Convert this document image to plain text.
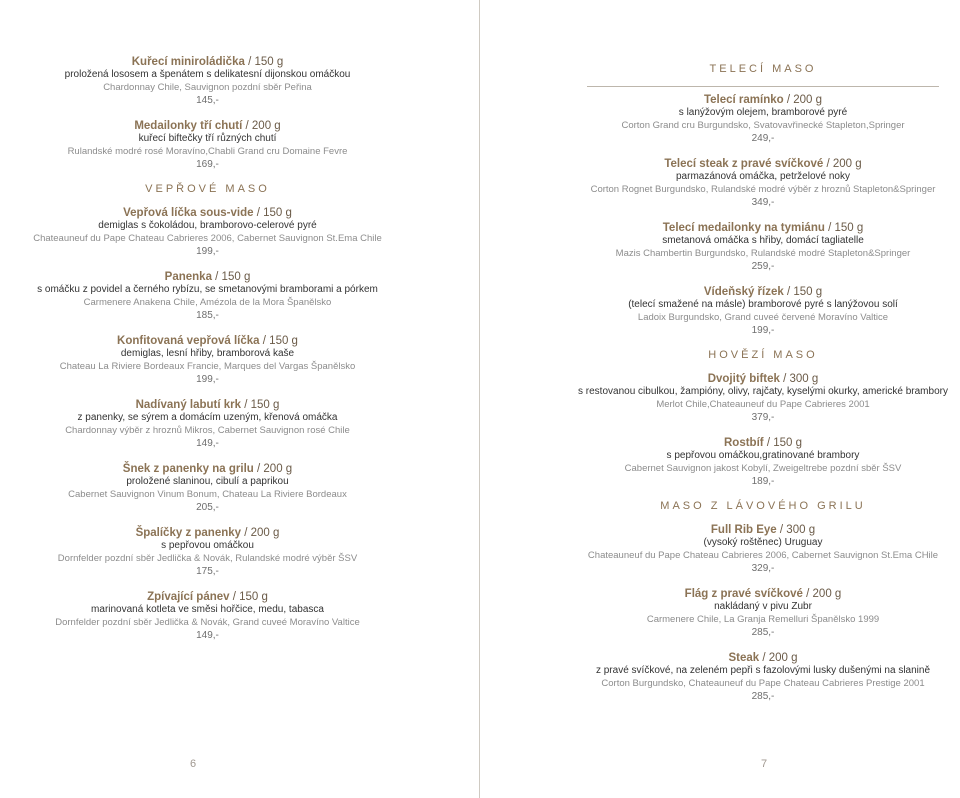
Kuřecí miniroládička / 150 g
proložená lososem a špenátem s delikatesní dijonskou omáčkou
Chardonnay Chile, Sauvignon pozdní sběr Peřina
145,-
Medailonky tří chutí / 200 g
kuřecí biftečky tří různých chutí
Rulandské modré rosé Moravíno,Chabli Grand cru Domaine Fevre
169,-
VEPŘOVÉ MASO
Vepřová líčka sous-vide / 150 g
demiglas s čokoládou, bramborovo-celerové pyré
Chateauneuf du Pape Chateau Cabrieres 2006, Cabernet Sauvignon St.Ema Chile
199,-
Panenka / 150 g
s omáčku z povidel a černého rybízu, se smetanovými bramborami a pórkem
Carmenere Anakena Chile, Amézola de la Mora Španělsko
185,-
Konfitovaná vepřová líčka / 150 g
demiglas, lesní hřiby, bramborová kaše
Chateau La Riviere Bordeaux Francie, Marques del Vargas Španělsko
199,-
Nadívaný labutí krk / 150 g
z panenky, se sýrem a domácím uzeným, křenová omáčka
Chardonnay výběr z hroznů Mikros, Cabernet Sauvignon rosé Chile
149,-
Šnek z panenky na grilu / 200 g
proložené slaninou, cibulí a paprikou
Cabernet Sauvignon Vinum Bonum, Chateau La Riviere Bordeaux
205,-
Špalíčky z panenky / 200 g
s pepřovou omáčkou
Dornfelder pozdní sběr Jedlička & Novák, Rulandské modré výběr ŠSV
175,-
Zpívající pánev / 150 g
marinovaná kotleta ve směsi hořčice, medu, tabasca
Dornfelder pozdní sběr Jedlička & Novák, Grand cuveé Moravíno Valtice
149,-
6
TELECÍ MASO
Telecí ramínko / 200 g
s lanýžovým olejem, bramborové pyré
Corton Grand cru Burgundsko, Svatovavřinecké Stapleton,Springer
249,-
Telecí steak z pravé svíčkové / 200 g
parmazánová omáčka, petrželové noky
Corton Rognet Burgundsko, Rulandské modré výběr z hroznů Stapleton&Springer
349,-
Telecí medailonky na tymiánu / 150 g
smetanová omáčka s hřiby, domácí tagliatelle
Mazis Chambertin Burgundsko, Rulandské modré Stapleton&Springer
259,-
Vídeňský řízek / 150 g
(telecí smažené na másle) bramborové pyré s lanýžovou solí
Ladoix Burgundsko, Grand cuveé červené Moravíno Valtice
199,-
HOVĚZÍ MASO
Dvojitý biftek / 300 g
s restovanou cibulkou, žampióny, olivy, rajčaty, kyselými okurky, americké brambory
Merlot Chile,Chateauneuf du Pape Cabrieres 2001
379,-
Rostbíf / 150 g
s pepřovou omáčkou,gratinované brambory
Cabernet Sauvignon jakost Kobylí, Zweigeltrebe pozdní sběr ŠSV
189,-
MASO Z LÁVOVÉHO GRILU
Full Rib Eye / 300 g
(vysoký roštěnec) Uruguay
Chateauneuf du Pape Chateau Cabrieres 2006, Cabernet Sauvignon St.Ema CHile
329,-
Flág z pravé svíčkové / 200 g
nakládaný v pivu Zubr
Carmenere Chile, La Granja Remelluri Španělsko 1999
285,-
Steak / 200 g
z pravé svíčkové, na zeleném pepři s fazolovými lusky dušenými na slanině
Corton Burgundsko, Chateauneuf du Pape Chateau Cabrieres Prestige 2001
285,-
7
